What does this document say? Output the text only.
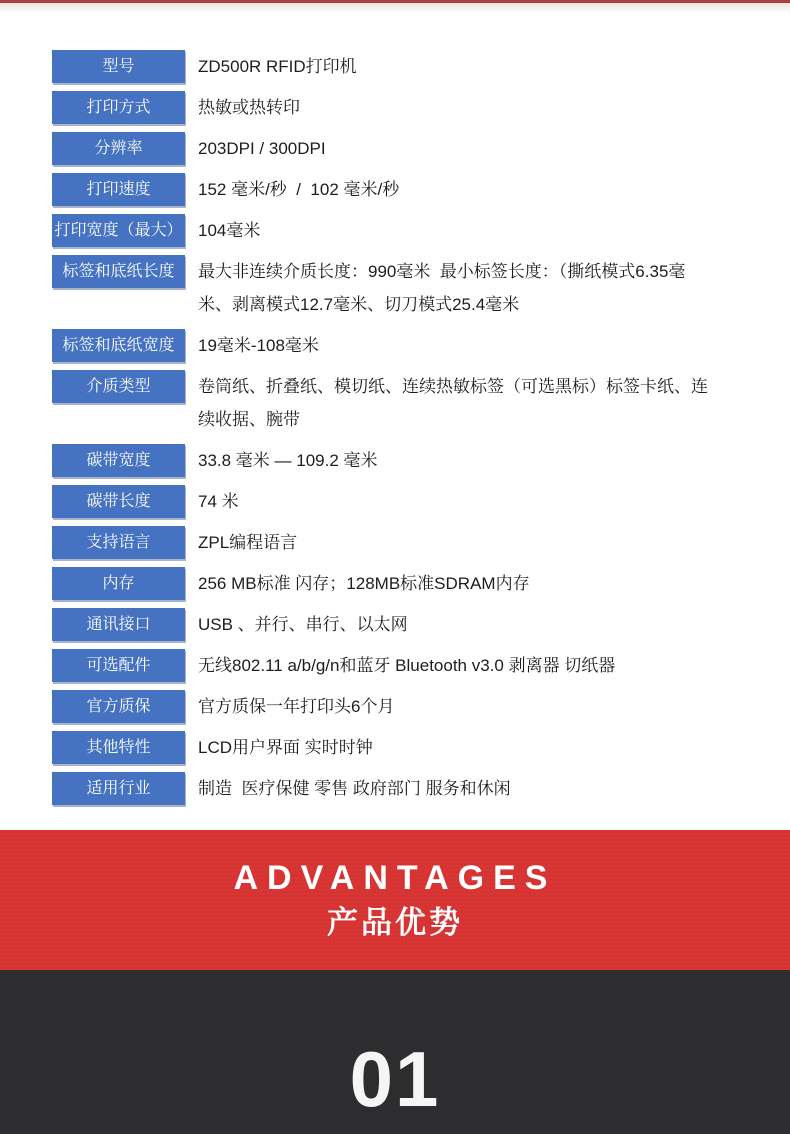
型号	ZD500R RFID打印机
打印方式	热敏或热转印
分辨率	203DPI / 300DPI
打印速度	152 毫米/秒  /  102 毫米/秒
打印宽度（最大） 104毫米
标签和底纸长度	最大非连续介质长度：990毫米  最小标签长度：（撕纸模式6.35毫米、剥离模式12.7毫米、切刀模式25.4毫米
标签和底纸宽度	19毫米-108毫米
介质类型	卷筒纸、折叠纸、模切纸、连续热敏标签（可选黑标）标签卡纸、连续收据、腕带
碳带宽度	33.8 毫米 — 109.2 毫米
碳带长度	74 米
支持语言	ZPL编程语言
内存	256 MB标准 闪存；128MB标准SDRAM内存
通讯接口	USB 、并行、串行、以太网
可选配件	无线802.11 a/b/g/n和蓝牙 Bluetooth v3.0 剥离器 切纸器
官方质保	官方质保一年打印头6个月
其他特性	LCD用户界面 实时时钟
适用行业	制造  医疗保健 零售 政府部门 服务和休闲
ADVANTAGES
产品优势
01
